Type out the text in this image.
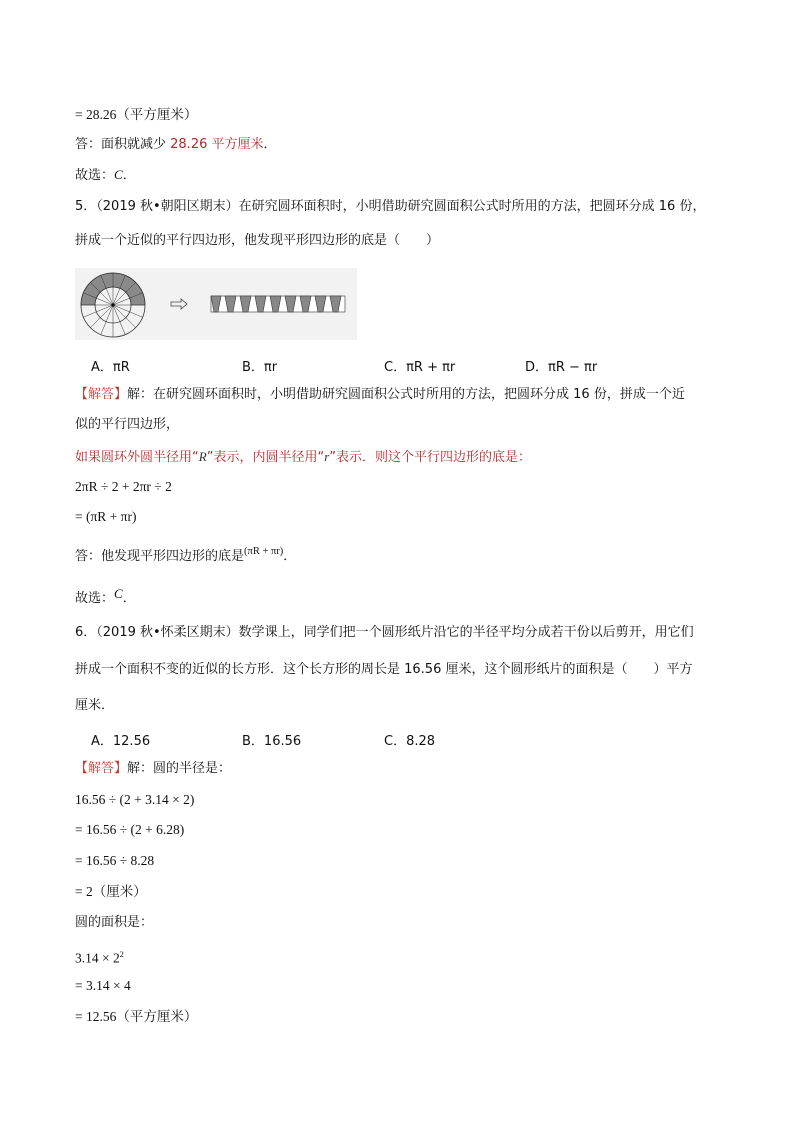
= 28.26（平方厘米）
答：面积就减少 28.26 平方厘米．
故选：C．
5．（2019 秋•朝阳区期末）在研究圆环面积时，小明借助研究圆面积公式时所用的方法，把圆环分成 16 份，
拼成一个近似的平行四边形，他发现平形四边形的底是（　　）
A．πR	B．πr	C．πR + πr	D．πR − πr
【解答】解：在研究圆环面积时，小明借助研究圆面积公式时所用的方法，把圆环分成 16 份，拼成一个近
似的平行四边形，
如果圆环外圆半径用“R”表示，内圆半径用“r”表示．则这个平行四边形的底是：
2πR ÷ 2 + 2πr ÷ 2
= (πR + πr)
答：他发现平形四边形的底是$^{(\pi R + \pi r)}$．
故选：C．
6．（2019 秋•怀柔区期末）数学课上，同学们把一个圆形纸片沿它的半径平均分成若干份以后剪开，用它们
拼成一个面积不变的近似的长方形．这个长方形的周长是 16.56 厘米，这个圆形纸片的面积是（　　）平方
厘米．
A．12.56	B．16.56	C．8.28
【解答】解：圆的半径是：
16.56 ÷ (2 + 3.14 × 2)
= 16.56 ÷ (2 + 6.28)
= 16.56 ÷ 8.28
= 2（厘米）
圆的面积是：
$3.14 \times 2^2$
= 3.14 × 4
= 12.56（平方厘米）
